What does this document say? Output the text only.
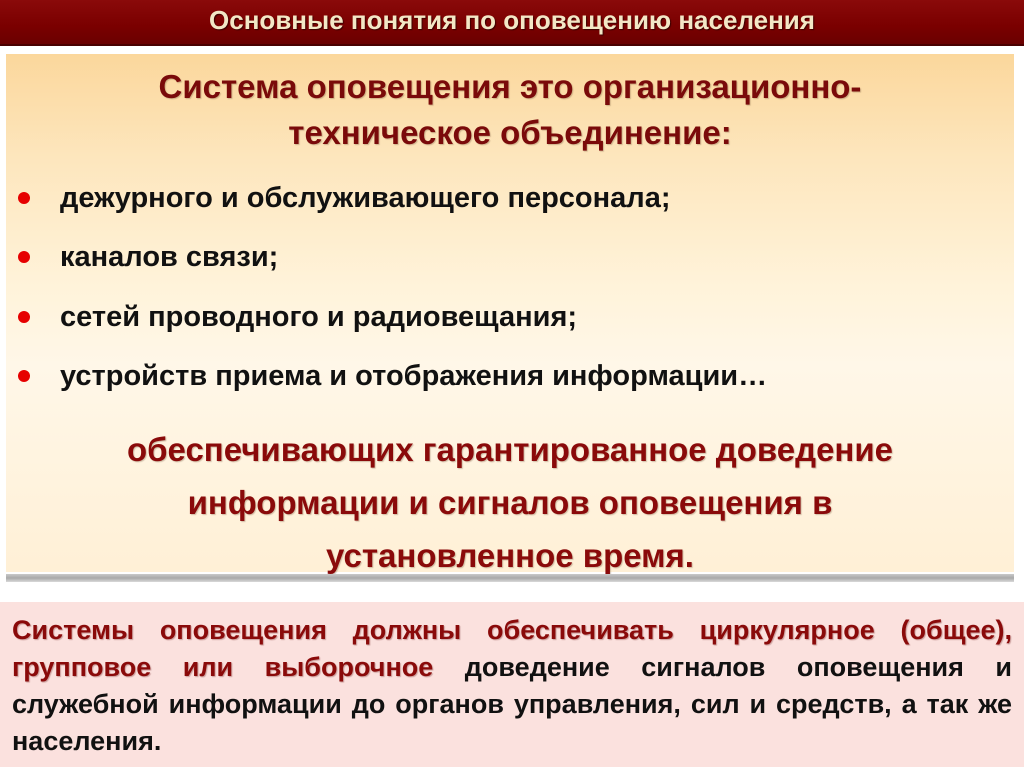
Основные понятия по оповещению населения
Система оповещения это организационно-
техническое объединение:
дежурного и обслуживающего персонала;
каналов связи;
сетей проводного и радиовещания;
устройств приема и отображения информации…
обеспечивающих гарантированное доведение
информации и сигналов оповещения в
установленное время.
Системы оповещения должны обеспечивать циркулярное (общее), групповое или выборочное доведение сигналов оповещения и служебной информации до органов управления, сил и средств, а так же населения.
